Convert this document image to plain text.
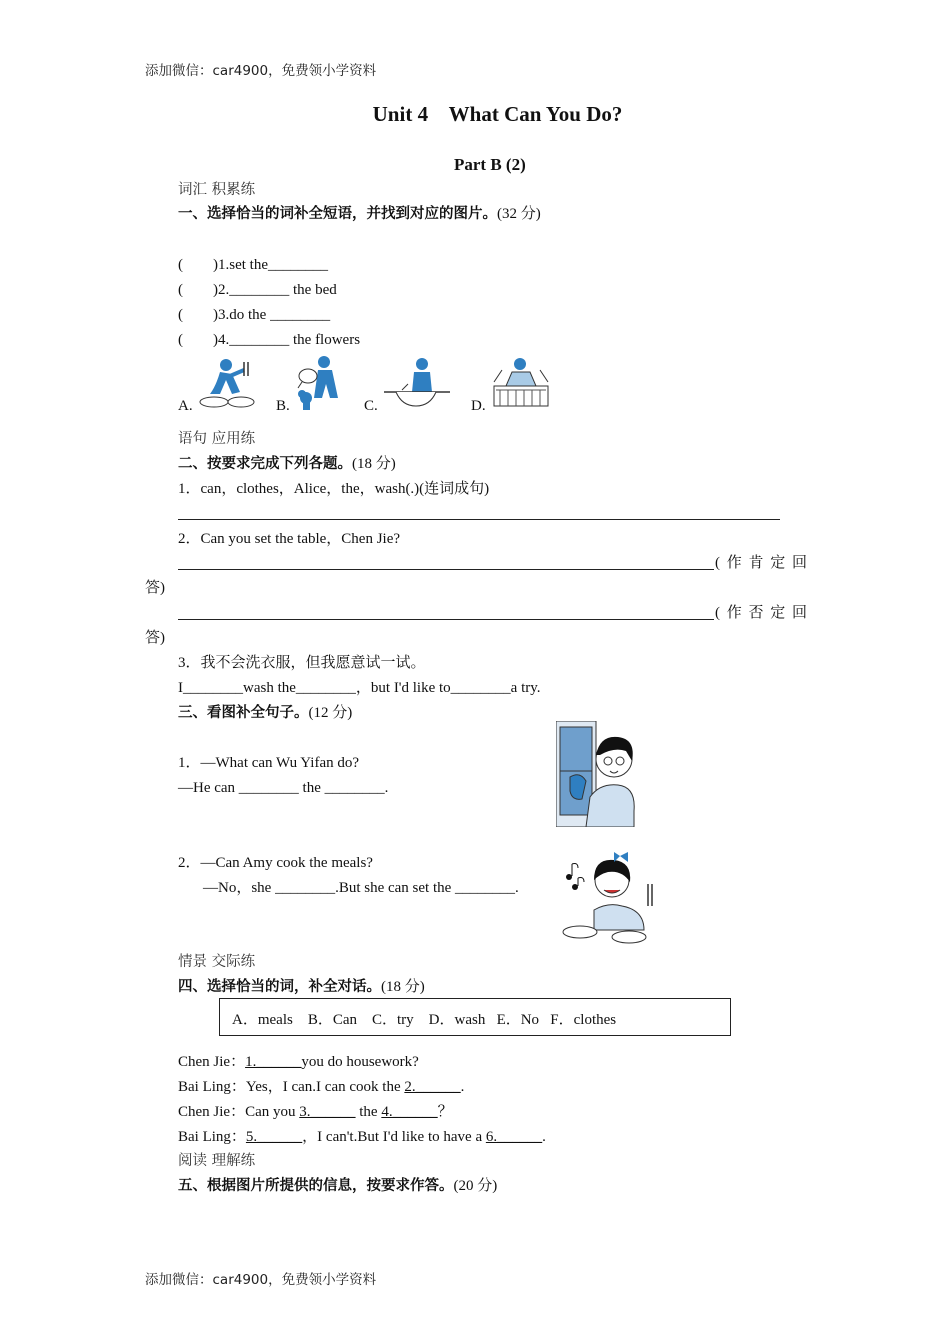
添加微信：car4900，免费领小学资料
添加微信：car4900，免费领小学资料
Unit 4    What Can You Do?
Part B (2)
词汇 积累练
一、选择恰当的词补全短语，并找到对应的图片。(32 分)
(        )1.set the________
(        )2.________ the bed
(        )3.do the ________
(        )4.________ the flowers
A.	B.	C.	D.
语句 应用练
二、按要求完成下列各题。(18 分)
1．can，clothes，Alice，the，wash(.)(连词成句)
2．Can you set the table，Chen Jie?
( 作 肯 定 回
答)
( 作 否 定 回
答)
3．我不会洗衣服，但我愿意试一试。
I________wash the________，but I'd like to________a try.
三、看图补全句子。(12 分)
1．—What can Wu Yifan do?
—He can ________ the ________.
2．—Can Amy cook the meals?
—No，she ________.But she can set the ________.
情景 交际练
四、选择恰当的词，补全对话。(18 分)
A．meals    B．Can    C．try    D．wash   E．No   F．clothes
Chen Jie：1.______you do housework?
Bai Ling：Yes，I can.I can cook the 2.______.
Chen Jie：Can you 3.______ the 4.______？
Bai Ling：5.______，I can't.But I'd like to have a 6.______.
阅读 理解练
五、根据图片所提供的信息，按要求作答。(20 分)
